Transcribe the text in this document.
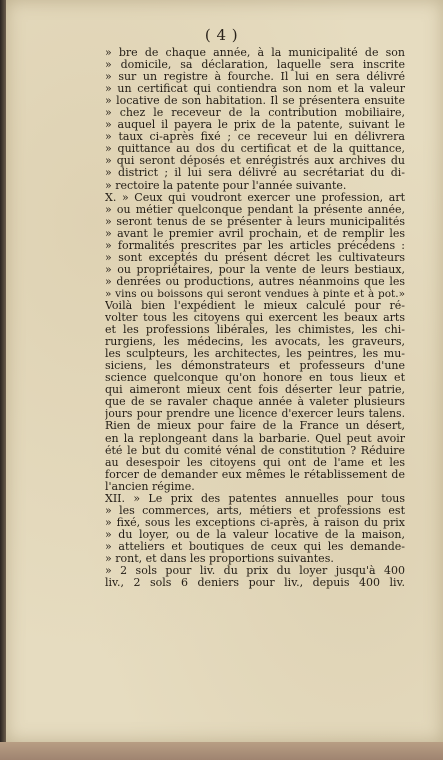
( 4 )
» bre de chaque année, à la municipalité de son
» domicile, sa déclaration, laquelle sera inscrite
» sur un registre à fourche. Il lui en sera délivré
» un certificat qui contiendra son nom et la valeur
» locative de son habitation. Il se présentera ensuite
» chez le receveur de la contribution mobiliaire,
» auquel il payera le prix de la patente, suivant le
» taux ci-après fixé ; ce receveur lui en délivrera
» quittance au dos du certificat et de la quittance,
» qui seront déposés et enrégistrés aux archives du
» district ; il lui sera délivré au secrétariat du di-
» rectoire la patente pour l'année suivante.
X. » Ceux qui voudront exercer une profession, art
» ou métier quelconque pendant la présente année,
» seront tenus de se présenter à leurs municipalités
» avant le premier avril prochain, et de remplir les
» formalités prescrites par les articles précédens :
» sont exceptés du présent décret les cultivateurs
» ou propriétaires, pour la vente de leurs bestiaux,
» denrées ou productions, autres néanmoins que les
» vins ou boissons qui seront vendues à pinte et à pot.»
Voilà bien l'expédient le mieux calculé pour ré-
volter tous les citoyens qui exercent les beaux arts
et les professions libérales, les chimistes, les chi-
rurgiens, les médecins, les avocats, les graveurs,
les sculpteurs, les architectes, les peintres, les mu-
siciens, les démonstrateurs et professeurs d'une
science quelconque qu'on honore en tous lieux et
qui aimeront mieux cent fois déserter leur patrie,
que de se ravaler chaque année à valeter plusieurs
jours pour prendre une licence d'exercer leurs talens.
Rien de mieux pour faire de la France un désert,
en la replongeant dans la barbarie. Quel peut avoir
été le but du comité vénal de constitution ? Réduire
au desespoir les citoyens qui ont de l'ame et les
forcer de demander eux mêmes le rétablissement de
l'ancien régime.
XII. » Le prix des patentes annuelles pour tous
» les commerces, arts, métiers et professions est
» fixé, sous les exceptions ci-après, à raison du prix
» du loyer, ou de la valeur locative de la maison,
» atteliers et boutiques de ceux qui les demande-
» ront, et dans les proportions suivantes.
» 2 sols pour liv. du prix du loyer jusqu'à 400
liv., 2 sols 6 deniers pour liv., depuis 400 liv.
